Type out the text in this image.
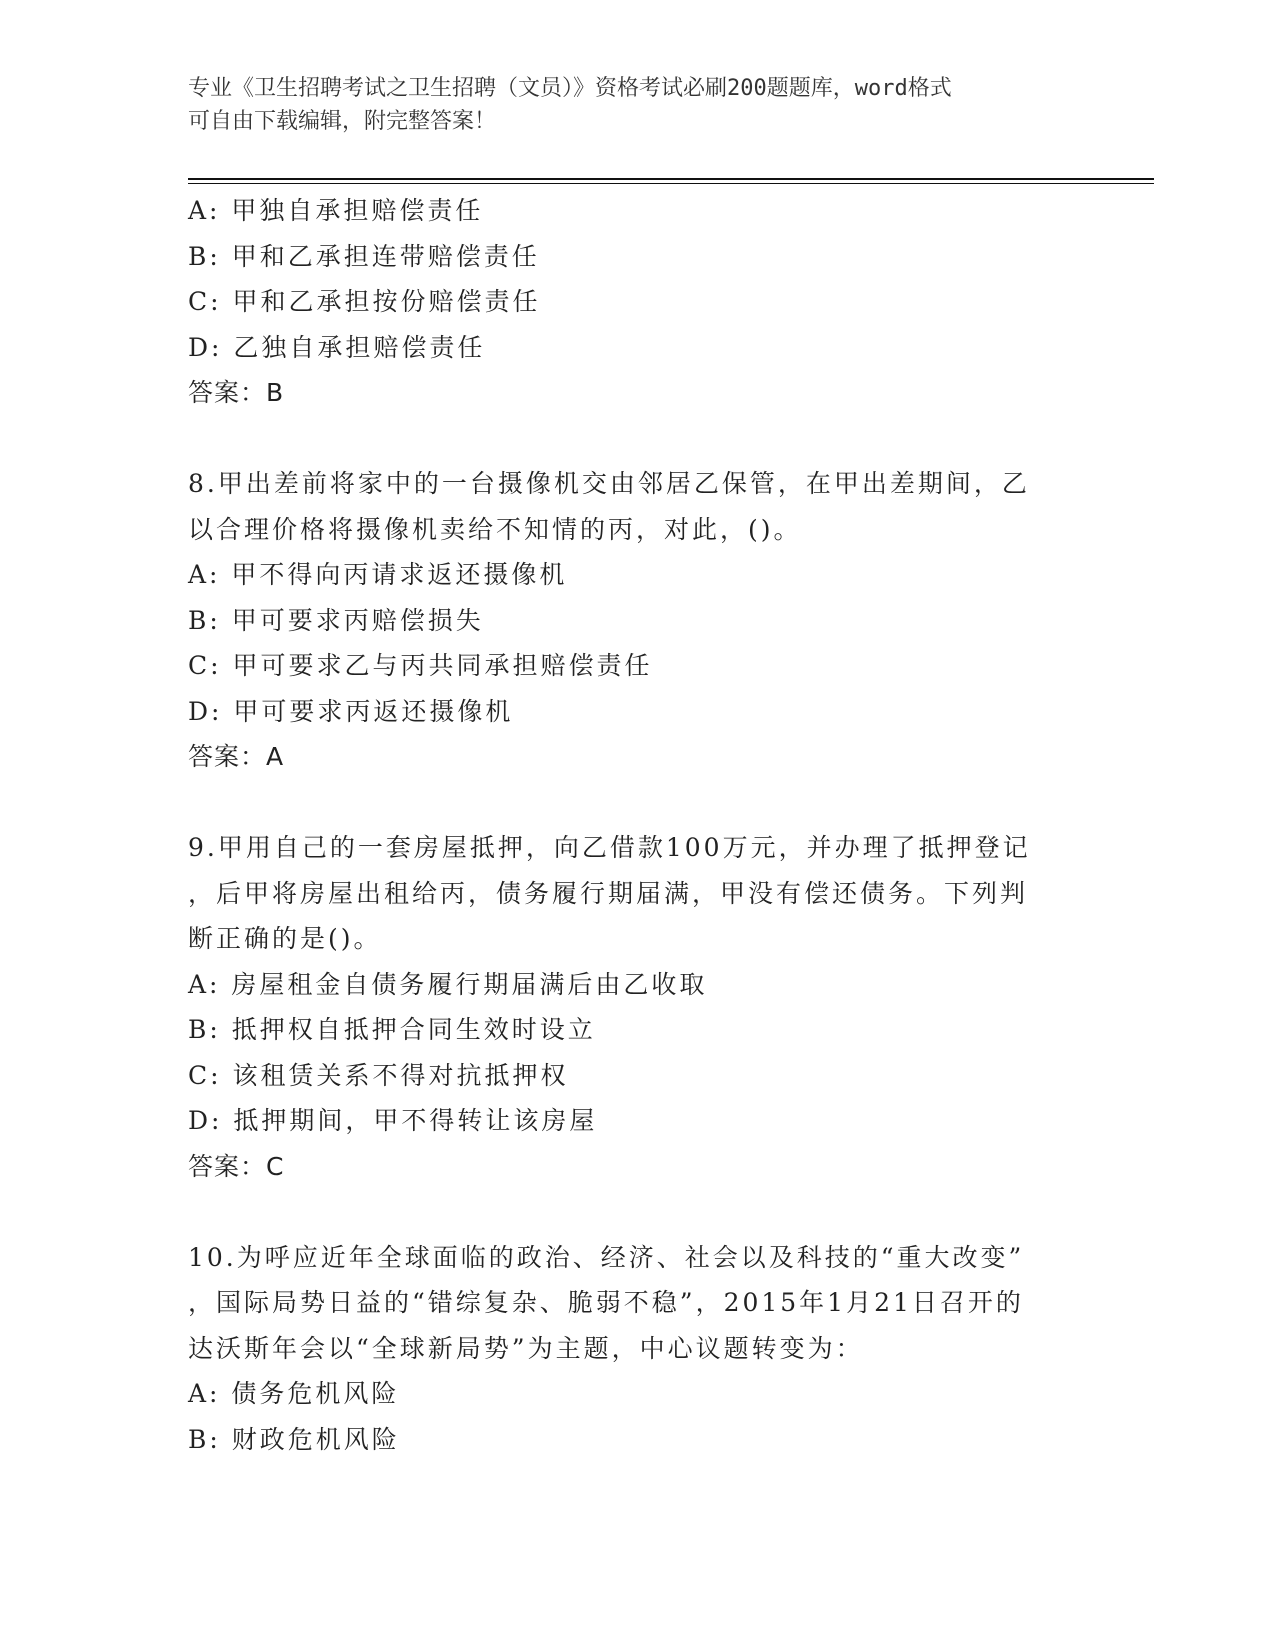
专业《卫生招聘考试之卫生招聘（文员）》资格考试必刷200题题库，word格式
可自由下载编辑，附完整答案！
A: 甲独自承担赔偿责任
B: 甲和乙承担连带赔偿责任
C: 甲和乙承担按份赔偿责任
D: 乙独自承担赔偿责任
答案：B
8.甲出差前将家中的一台摄像机交由邻居乙保管，在甲出差期间，乙
以合理价格将摄像机卖给不知情的丙，对此，()。
A: 甲不得向丙请求返还摄像机
B: 甲可要求丙赔偿损失
C: 甲可要求乙与丙共同承担赔偿责任
D: 甲可要求丙返还摄像机
答案：A
9.甲用自己的一套房屋抵押，向乙借款100万元，并办理了抵押登记
，后甲将房屋出租给丙，债务履行期届满，甲没有偿还债务。下列判
断正确的是()。
A: 房屋租金自债务履行期届满后由乙收取
B: 抵押权自抵押合同生效时设立
C: 该租赁关系不得对抗抵押权
D: 抵押期间，甲不得转让该房屋
答案：C
10.为呼应近年全球面临的政治、经济、社会以及科技的“重大改变”
，国际局势日益的“错综复杂、脆弱不稳”，2015年1月21日召开的
达沃斯年会以“全球新局势”为主题，中心议题转变为：
A: 债务危机风险
B: 财政危机风险
